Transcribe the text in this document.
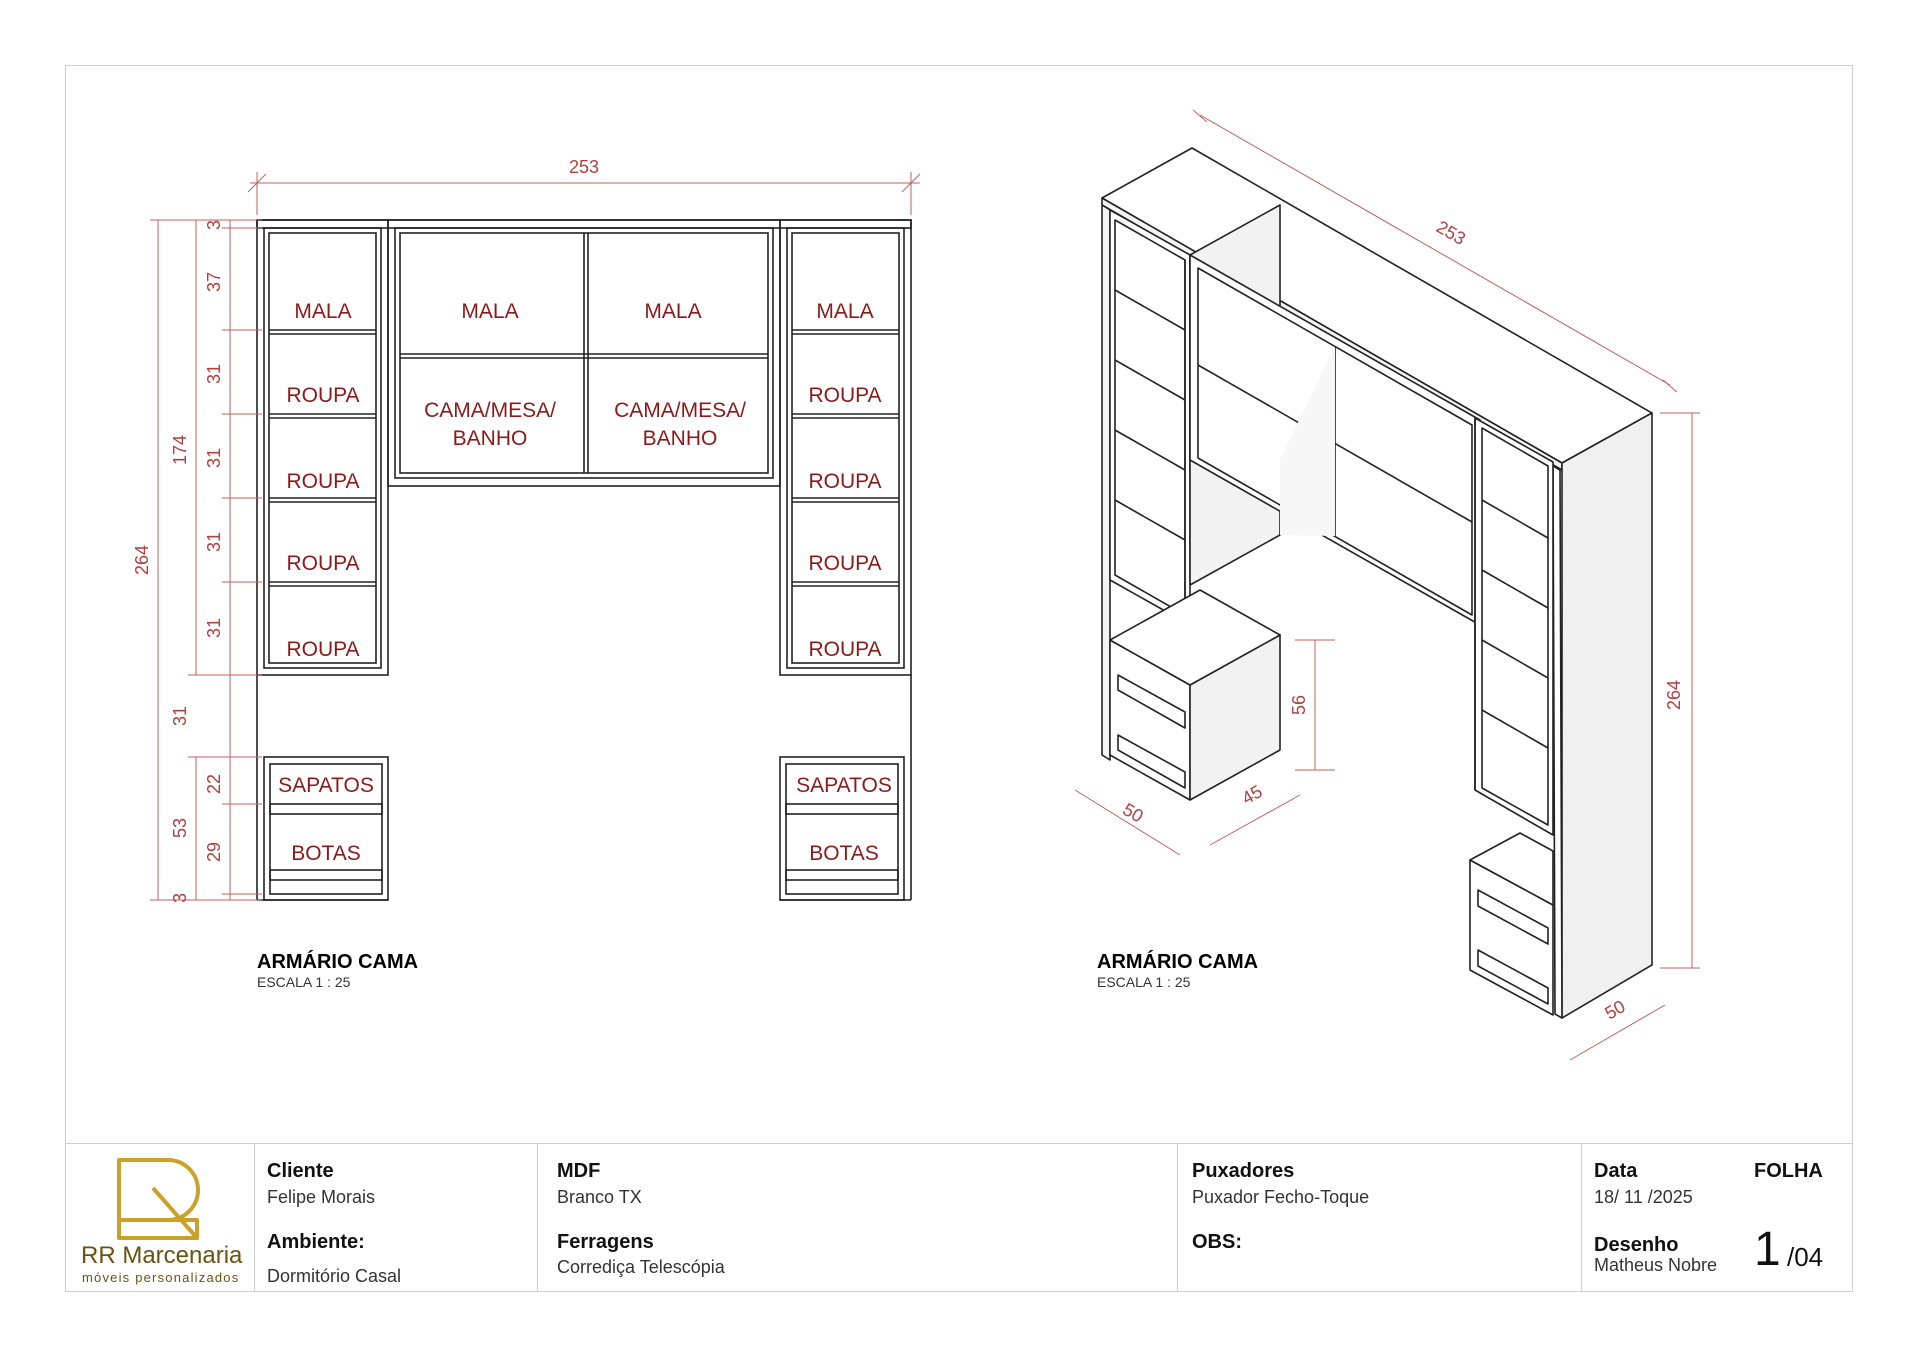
MALA
ROUPA
ROUPA
ROUPA
ROUPA
MALA
ROUPA
ROUPA
ROUPA
ROUPA
MALA	MALA
CAMA/MESA/ BANHO
CAMA/MESA/ BANHO
SAPATOS
BOTAS
SAPATOS
BOTAS
253
264
174
31
53
3
37
31
31
31
31
22
29
3
ARMÁRIO CAMA
ESCALA 1 : 25
253
264
50
56
50
45
ARMÁRIO CAMA
ESCALA 1 : 25
RR Marcenaria
móveis personalizados
Cliente
Felipe Morais
Ambiente:
Dormitório Casal
MDF
Branco TX
Ferragens
Corrediça Telescópia
Puxadores
Puxador Fecho-Toque
OBS:
Data
18/ 11 /2025
FOLHA
Desenho
Matheus Nobre 1 /04
